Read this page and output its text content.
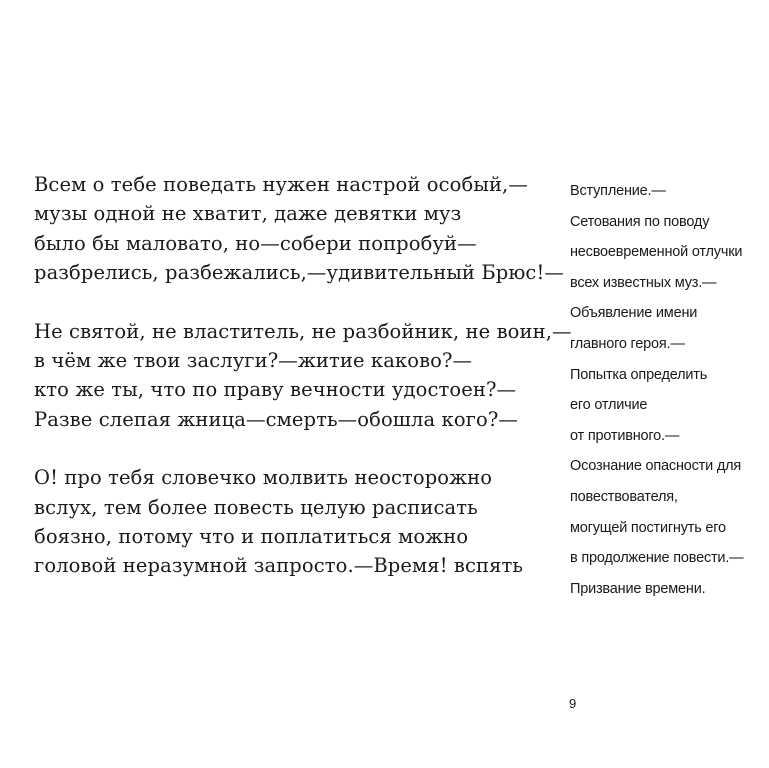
Всем о тебе поведать нужен настрой особый,—
музы одной не хватит, даже девятки муз
было бы маловато, но—собери попробуй—
разбрелись, разбежались,—удивительный Брюс!—
Не святой, не властитель, не разбойник, не воин,—
в чём же твои заслуги?—житие каково?—
кто же ты, что по праву вечности удостоен?—
Разве слепая жница—смерть—обошла кого?—
О! про тебя словечко молвить неосторожно
вслух, тем более повесть целую расписать
боязно, потому что и поплатиться можно
головой неразумной запросто.—Время! вспять
Вступление.—
Сетования по поводу
несвоевременной отлучки
всех известных муз.—
Объявление имени
главного героя.—
Попытка определить
его отличие
от противного.—
Осознание опасности для
повествователя,
могущей постигнуть его
в продолжение повести.—
Призвание времени.
9
